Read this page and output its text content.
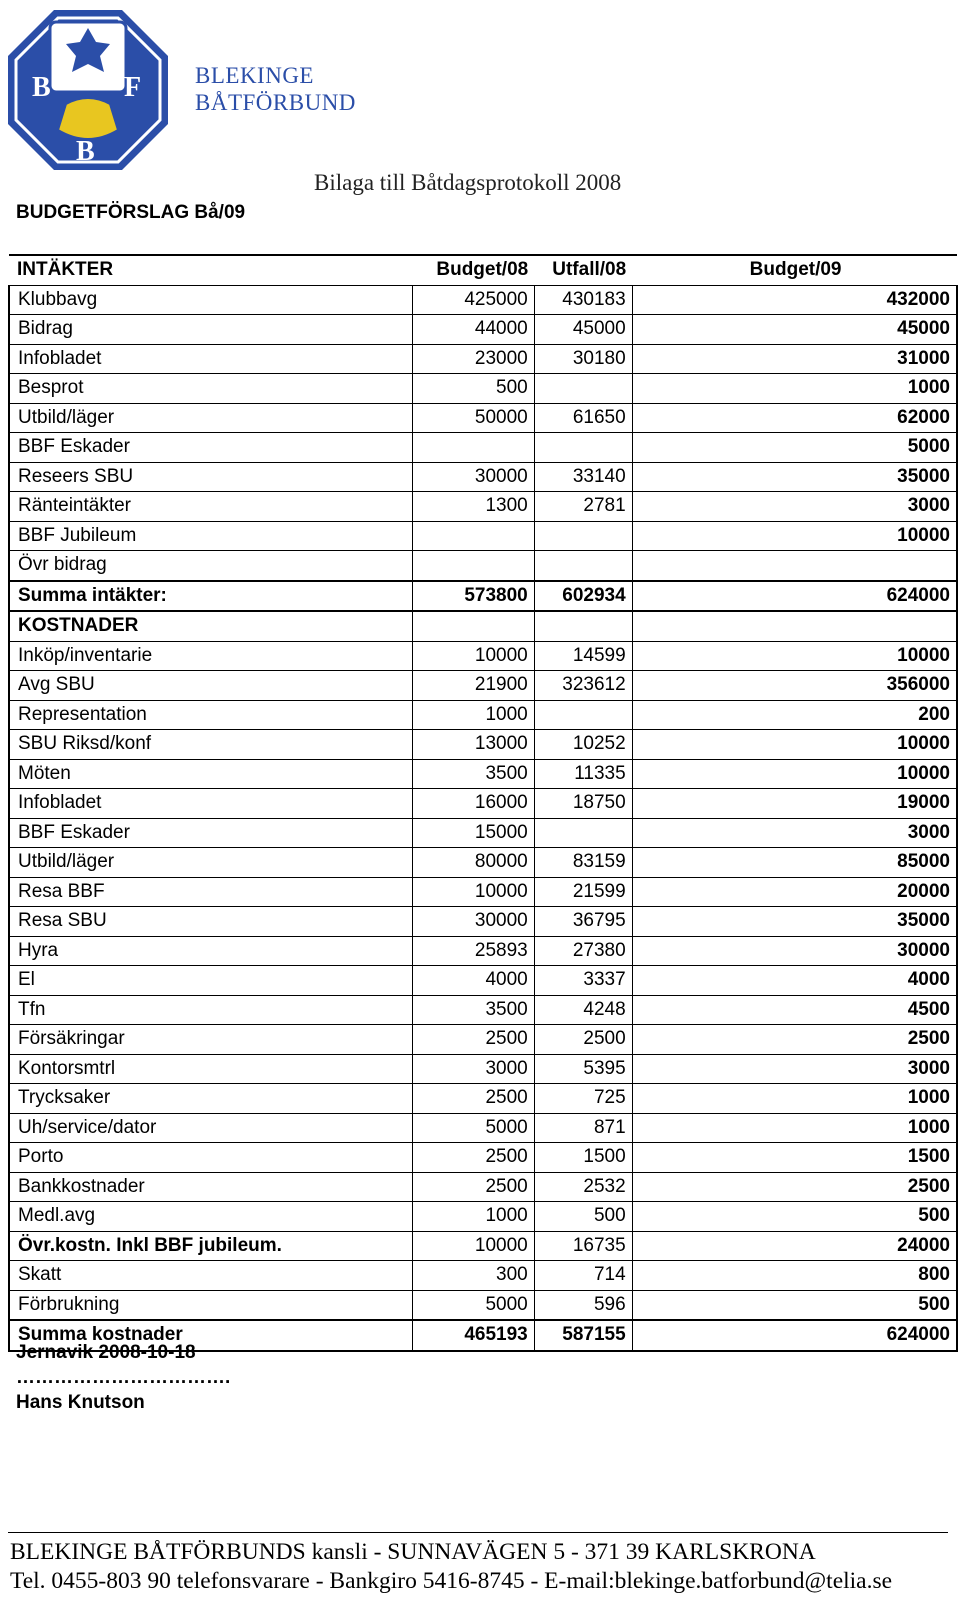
B
B
F BLEKINGE
BÅTFÖRBUND
Bilaga till Båtdagsprotokoll 2008
BUDGETFÖRSLAG Bå/09
INTÄKTER	Budget/08	Utfall/08	Budget/09
Klubbavg	425000	430183	432000
Bidrag	44000	45000	45000
Infobladet	23000	30180	31000
Besprot	500		1000
Utbild/läger	50000	61650	62000
BBF Eskader			5000
Reseers SBU	30000	33140	35000
Ränteintäkter	1300	2781	3000
BBF Jubileum			10000
Övr bidrag			
Summa intäkter:	573800	602934	624000
KOSTNADER			
Inköp/inventarie	10000	14599	10000
Avg SBU	21900	323612	356000
Representation	1000		200
SBU Riksd/konf	13000	10252	10000
Möten	3500	11335	10000
Infobladet	16000	18750	19000
BBF Eskader	15000		3000
Utbild/läger	80000	83159	85000
Resa BBF	10000	21599	20000
Resa SBU	30000	36795	35000
Hyra	25893	27380	30000
El	4000	3337	4000
Tfn	3500	4248	4500
Försäkringar	2500	2500	2500
Kontorsmtrl	3000	5395	3000
Trycksaker	2500	725	1000
Uh/service/dator	5000	871	1000
Porto	2500	1500	1500
Bankkostnader	2500	2532	2500
Medl.avg	1000	500	500
Övr.kostn. Inkl BBF jubileum.	10000	16735	24000
Skatt	300	714	800
Förbrukning	5000	596	500
Summa kostnader	465193	587155	624000
Jernavik 2008-10-18
…………………………….
Hans Knutson
BLEKINGE BÅTFÖRBUNDS kansli - SUNNAVÄGEN 5 - 371 39 KARLSKRONA
Tel. 0455-803 90 telefonsvarare - Bankgiro 5416-8745 - E-mail:blekinge.batforbund@telia.se
